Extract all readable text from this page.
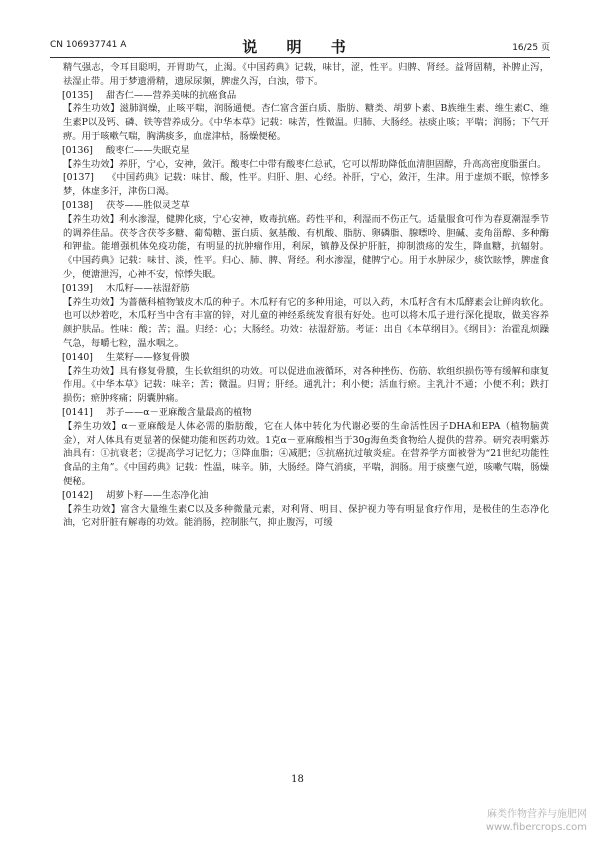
CN 106937741 A	说 明 书	16/25 页

精气强志，令耳目聪明，开胃助气，止渴。《中国药典》记载，味甘，涩，性平。归脾、肾经。益肾固精，补脾止泻，祛湿止带。用于梦遗滑精，遗尿尿频，脾虚久泻，白浊，带下。

[0135] 甜杏仁——营养美味的抗癌食品

【养生功效】滋肺润燥，止咳平喘，润肠通便。杏仁富含蛋白质、脂肪、糖类、胡萝卜素、B族维生素、维生素C、维生素P以及钙、磷、铁等营养成分。《中华本草》记载：味苦，性微温。归肺、大肠经。祛痰止咳；平喘；润肠；下气开痹。用于咳嗽气喘，胸满痰多，血虚津枯，肠燥便秘。

[0136] 酸枣仁——失眠克星

【养生功效】养肝，宁心，安神，敛汗。酸枣仁中带有酸枣仁总甙，它可以帮助降低血清胆固醇，升高高密度脂蛋白。

[0137] 《中国药典》记载：味甘、酸，性平。归肝、胆、心经。补肝，宁心，敛汗，生津。用于虚烦不眠，惊悸多梦，体虚多汗，津伤口渴。

[0138] 茯苓——胜似灵芝草

【养生功效】利水渗湿，健脾化痰，宁心安神，败毒抗癌。药性平和，利湿而不伤正气。适量服食可作为春夏潮湿季节的调养佳品。茯苓含茯苓多糖、葡萄糖、蛋白质、氨基酸、有机酸、脂肪、卵磷脂、腺嘌呤、胆碱、麦角甾醇、多种酶和钾盐。能增强机体免疫功能，有明显的抗肿瘤作用，利尿，镇静及保护肝脏，抑制溃疡的发生，降血糖，抗辐射。《中国药典》记载：味甘、淡，性平。归心、肺、脾、肾经。利水渗湿，健脾宁心。用于水肿尿少，痰饮眩悸，脾虚食少，便溏泄泻，心神不安，惊悸失眠。

[0139] 木瓜籽——祛湿舒筋

【养生功效】为蔷薇科植物皱皮木瓜的种子。木瓜籽有它的多种用途，可以入药，木瓜籽含有木瓜酵素会让鲜肉软化。也可以炒着吃，木瓜籽当中含有丰富的锌，对儿童的神经系统发育很有好处。也可以将木瓜子进行深化提取，做美容养颜护肤品。性味：酸；苦；温。归经：心；大肠经。功效：祛湿舒筋。考证：出自《本草纲目》。《纲目》：治霍乱烦躁气急，每嚼七粒，温水咽之。

[0140] 生菜籽——修复骨膜

【养生功效】具有修复骨膜，生长软组织的功效。可以促进血液循环，对各种挫伤、伤筋、软组织损伤等有缓解和康复作用。《中华本草》记载：味辛；苦；微温。归胃；肝经。通乳汁；利小便；活血行瘀。主乳汁不通；小便不利；跌打损伤；瘀肿疼痛；阴囊肿痛。

[0141] 苏子——α－亚麻酸含量最高的植物

【养生功效】α－亚麻酸是人体必需的脂肪酸，它在人体中转化为代谢必要的生命活性因子DHA和EPA（植物脑黄金），对人体具有更显著的保健功能和医药功效。1克α－亚麻酸相当于30g海鱼类食物给人提供的营养。研究表明紫苏油具有：①抗衰老；②提高学习记忆力；③降血脂；④减肥；⑤抗癌抗过敏炎症。在营养学方面被誉为“21世纪功能性食品的主角”。《中国药典》记载：性温，味辛。肺，大肠经。降气消痰，平喘，润肠。用于痰壅气逆，咳嗽气喘，肠燥便秘。

[0142] 胡萝卜籽——生态净化油

【养生功效】富含大量维生素C以及多种微量元素，对利肾、明目、保护视力等有明显食疗作用，是极佳的生态净化油，它对肝脏有解毒的功效。能消肠，控制胀气，抑止腹泻，可缓

18
麻类作物营养与施肥网
www.fibercrops.com
